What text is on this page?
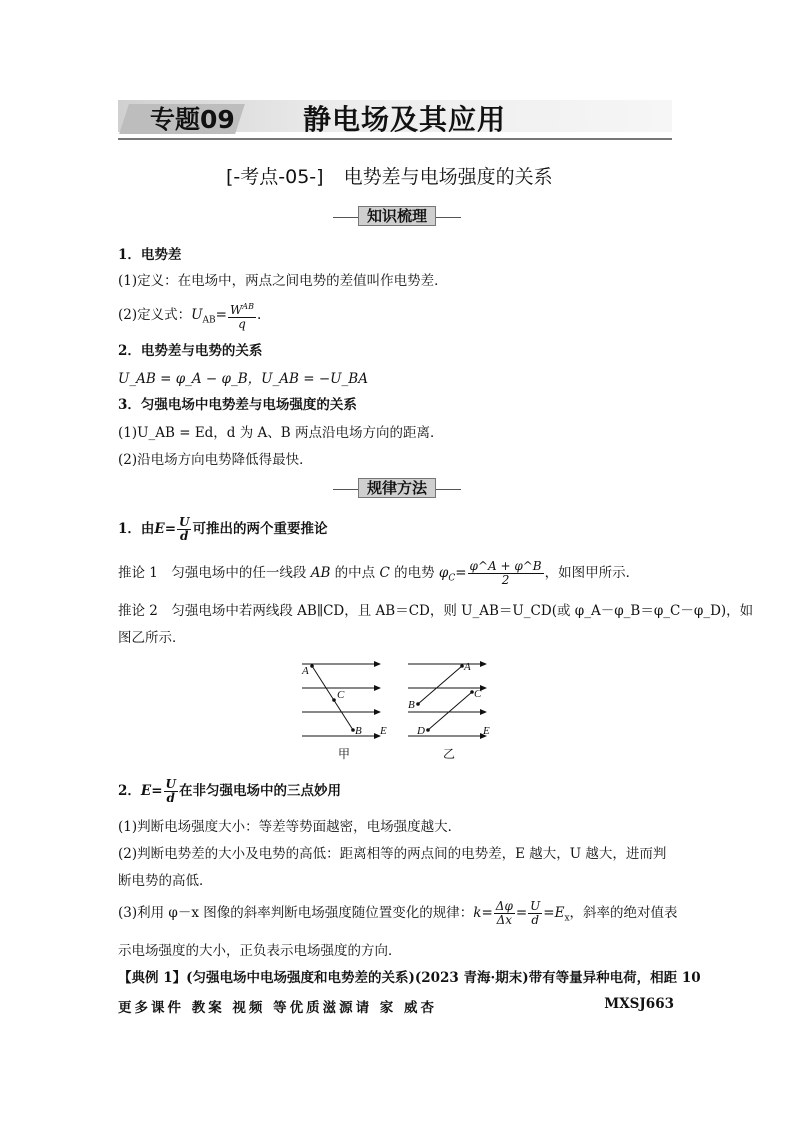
专题09 静电场及其应用
[-考点-05-] 电势差与电场强度的关系
知识梳理
1．电势差
(1)定义：在电场中，两点之间电势的差值叫作电势差．
(2)定义式：$U_{AB}= \frac{W^{AB}}{q}$ .
2．电势差与电势的关系
U_AB = φ_A − φ_B，U_AB = −U_BA
3．匀强电场中电势差与电场强度的关系
(1)U_AB = Ed，d 为 A、B 两点沿电场方向的距离．
(2)沿电场方向电势降低得最快．
规律方法
1．由$E= \frac{U}{d}$ 可推出的两个重要推论
推论 1　匀强电场中的任一线段 AB 的中点 C 的电势 $\varphi_C= \frac{\varphi\^{}A + \varphi\^{}B}{2}$ ，如图甲所示．
推论 2　匀强电场中若两线段 AB∥CD，且 AB＝CD，则 U_AB＝U_CD(或 φ_A－φ_B＝φ_C－φ_D)，如
图乙所示．
A
C
B E
A
C
B
D	E
甲	乙
2．$E= \frac{U}{d}$ 在非匀强电场中的三点妙用
(1)判断电场强度大小：等差等势面越密，电场强度越大．
(2)判断电势差的大小及电势的高低：距离相等的两点间的电势差，E 越大，U 越大，进而判
断电势的高低．
(3)利用 φ－x 图像的斜率判断电场强度随位置变化的规律：$k= \frac{\Delta\varphi}{\Delta x} = \frac{U}{d} =E_x$，斜率的绝对值表
示电场强度的大小，正负表示电场强度的方向．
【典例 1】(匀强电场中电场强度和电势差的关系)(2023 青海·期末)带有等量异种电荷，相距 10
更多课件 教案 视频 等优质滋源请 家 威杏	MXSJ663
